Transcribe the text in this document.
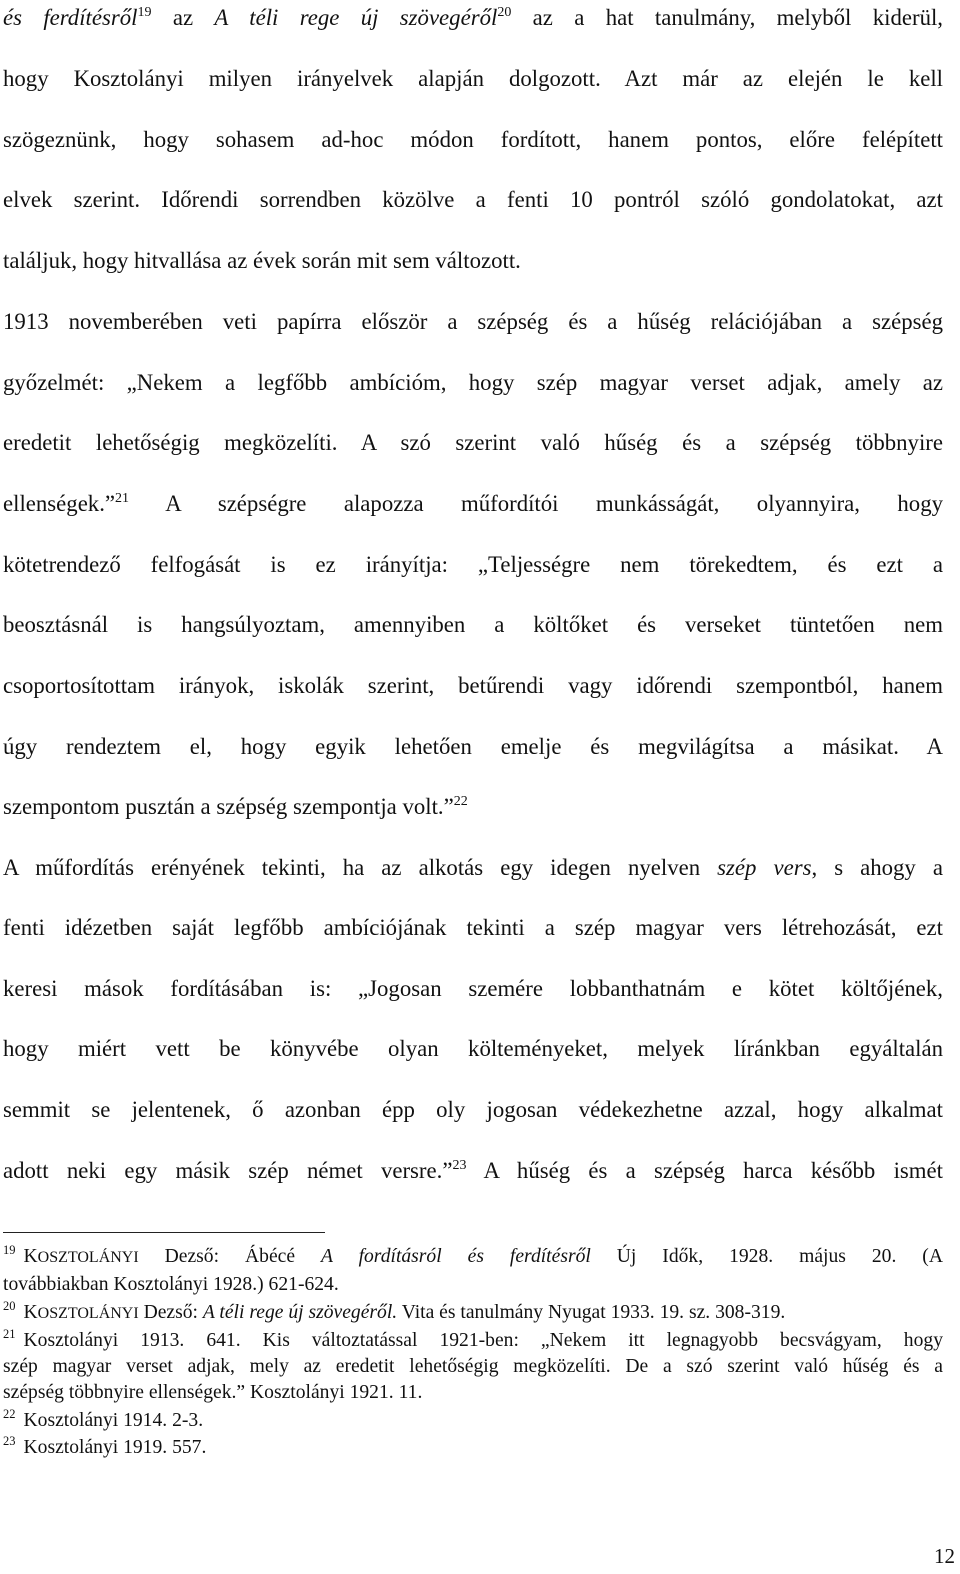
és ferdítésről$^{19}$ az A téli rege új szövegéről$^{20}$ az a hat tanulmány, melyből kiderül,
hogy Kosztolányi milyen irányelvek alapján dolgozott. Azt már az elején le kell
szögeznünk, hogy sohasem ad-hoc módon fordított, hanem pontos, előre felépített
elvek szerint. Időrendi sorrendben közölve a fenti 10 pontról szóló gondolatokat, azt
találjuk, hogy hitvallása az évek során mit sem változott.
1913 novemberében veti papírra először a szépség és a hűség relációjában a szépség
győzelmét: „Nekem a legfőbb ambícióm, hogy szép magyar verset adjak, amely az
eredetit lehetőségig megközelíti. A szó szerint való hűség és a szépség többnyire
ellenségek.”$^{21}$ A szépségre alapozza műfordítói munkásságát, olyannyira, hogy
kötetrendező felfogását is ez irányítja: „Teljességre nem törekedtem, és ezt a
beosztásnál is hangsúlyoztam, amennyiben a költőket és verseket tüntetően nem
csoportosítottam irányok, iskolák szerint, betűrendi vagy időrendi szempontból, hanem
úgy rendeztem el, hogy egyik lehetően emelje és megvilágítsa a másikat. A
szempontom pusztán a szépség szempontja volt.”$^{22}$
A műfordítás erényének tekinti, ha az alkotás egy idegen nyelven szép vers, s ahogy a
fenti idézetben saját legfőbb ambíciójának tekinti a szép magyar vers létrehozását, ezt
keresi mások fordításában is: „Jogosan szemére lobbanthatnám e kötet költőjének,
hogy miért vett be könyvébe olyan költeményeket, melyek líránkban egyáltalán
semmit se jelentenek, ő azonban épp oly jogosan védekezhetne azzal, hogy alkalmat
adott neki egy másik szép német versre.”$^{23}$ A hűség és a szépség harca később ismét
$^{19}$ KOSZTOLÁNYI Dezső: Ábécé A fordításról és ferdítésről Új Idők, 1928. május 20. (A
továbbiakban Kosztolányi 1928.) 621-624.
$^{20}$ KOSZTOLÁNYI Dezső: A téli rege új szövegéről. Vita és tanulmány Nyugat 1933. 19. sz. 308-319.
$^{21}$ Kosztolányi 1913. 641. Kis változtatással 1921-ben: „Nekem itt legnagyobb becsvágyam, hogy
szép magyar verset adjak, mely az eredetit lehetőségig megközelíti. De a szó szerint való hűség és a
szépség többnyire ellenségek.” Kosztolányi 1921. 11.
$^{22}$ Kosztolányi 1914. 2-3.
$^{23}$ Kosztolányi 1919. 557.
12
